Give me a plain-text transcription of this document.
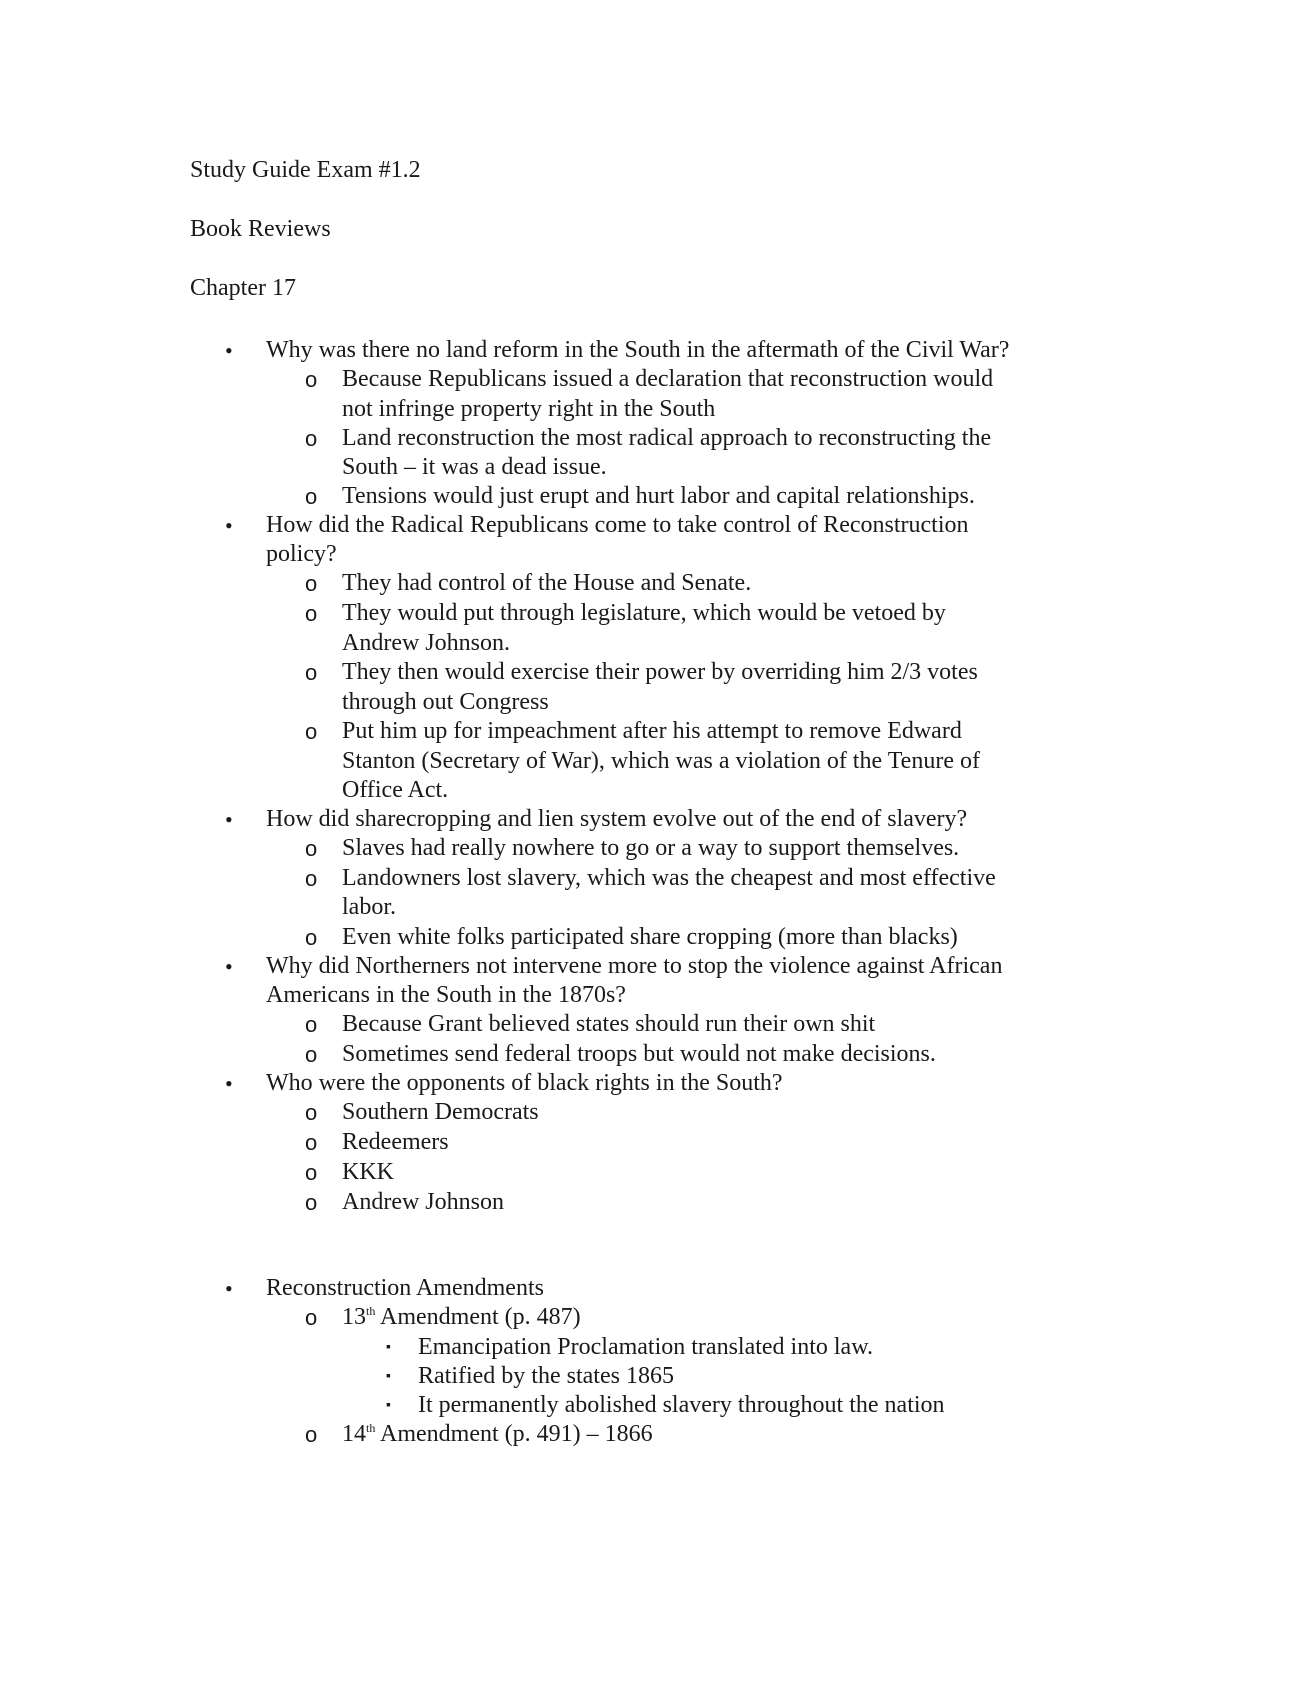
Study Guide Exam #1.2
Book Reviews
Chapter 17
• Why was there no land reform in the South in the aftermath of the Civil War?
o Because Republicans issued a declaration that reconstruction would
not infringe property right in the South
o Land reconstruction the most radical approach to reconstructing the
South – it was a dead issue.
o Tensions would just erupt and hurt labor and capital relationships.
• How did the Radical Republicans come to take control of Reconstruction
policy?
o They had control of the House and Senate.
o They would put through legislature, which would be vetoed by
Andrew Johnson.
o They then would exercise their power by overriding him 2/3 votes
through out Congress
o Put him up for impeachment after his attempt to remove Edward
Stanton (Secretary of War), which was a violation of the Tenure of
Office Act.
• How did sharecropping and lien system evolve out of the end of slavery?
o Slaves had really nowhere to go or a way to support themselves.
o Landowners lost slavery, which was the cheapest and most effective
labor.
o Even white folks participated share cropping (more than blacks)
• Why did Northerners not intervene more to stop the violence against African
Americans in the South in the 1870s?
o Because Grant believed states should run their own shit
o Sometimes send federal troops but would not make decisions.
• Who were the opponents of black rights in the South?
o Southern Democrats
o Redeemers
o KKK
o Andrew Johnson
• Reconstruction Amendments
o 13th Amendment (p. 487)
▪ Emancipation Proclamation translated into law.
▪ Ratified by the states 1865
▪ It permanently abolished slavery throughout the nation
o 14th Amendment (p. 491) – 1866
